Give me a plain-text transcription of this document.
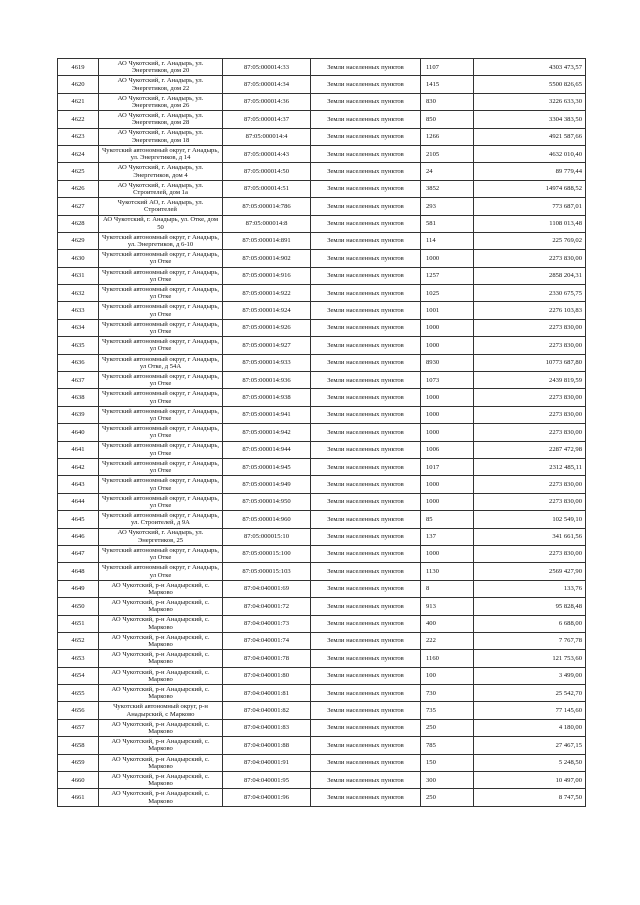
4619	АО Чукотский, г. Анадырь, ул. Энергетиков, дом 20	87:05:000014:33	Земли населенных пунктов	1107	4303 473,57
4620	АО Чукотский, г. Анадырь, ул. Энергетиков, дом 22	87:05:000014:34	Земли населенных пунктов	1415	5500 826,65
4621	АО Чукотский, г. Анадырь, ул. Энергетиков, дом 26	87:05:000014:36	Земли населенных пунктов	830	3226 633,30
4622	АО Чукотский, г. Анадырь, ул. Энергетиков, дом 28	87:05:000014:37	Земли населенных пунктов	850	3304 383,50
4623	АО Чукотский, г. Анадырь, ул. Энергетиков, дом 18	87:05:000014:4	Земли населенных пунктов	1266	4921 587,66
4624	Чукотский автономный округ, г Анадырь, ул. Энергетиков, д 14	87:05:000014:43	Земли населенных пунктов	2105	4632 010,40
4625	АО Чукотский, г. Анадырь, ул. Энергетиков, дом 4	87:05:000014:50	Земли населенных пунктов	24	89 779,44
4626	АО Чукотский, г. Анадырь, ул. Строителей, дом 1а	87:05:000014:51	Земли населенных пунктов	3852	14974 688,52
4627	Чукотский АО, г. Анадырь, ул. Строителей	87:05:000014:786	Земли населенных пунктов	293	773 687,01
4628	АО Чукотский, г. Анадырь, ул. Отке, дом 50	87:05:000014:8	Земли населенных пунктов	581	1108 013,48
4629	Чукотский автономный округ, г Анадырь, ул. Энергетиков, д 6-10	87:05:000014:891	Земли населенных пунктов	114	225 769,02
4630	Чукотский автономный округ, г Анадырь, ул Отке	87:05:000014:902	Земли населенных пунктов	1000	2273 830,00
4631	Чукотский автономный округ, г Анадырь, ул Отке	87:05:000014:916	Земли населенных пунктов	1257	2858 204,31
4632	Чукотский автономный округ, г Анадырь, ул Отке	87:05:000014:922	Земли населенных пунктов	1025	2330 675,75
4633	Чукотский автономный округ, г Анадырь, ул Отке	87:05:000014:924	Земли населенных пунктов	1001	2276 103,83
4634	Чукотский автономный округ, г Анадырь, ул Отке	87:05:000014:926	Земли населенных пунктов	1000	2273 830,00
4635	Чукотский автономный округ, г Анадырь, ул Отке	87:05:000014:927	Земли населенных пунктов	1000	2273 830,00
4636	Чукотский автономный округ, г Анадырь, ул Отке, д 54А	87:05:000014:933	Земли населенных пунктов	8930	10773 687,80
4637	Чукотский автономный округ, г Анадырь, ул Отке	87:05:000014:936	Земли населенных пунктов	1073	2439 819,59
4638	Чукотский автономный округ, г Анадырь, ул Отке	87:05:000014:938	Земли населенных пунктов	1000	2273 830,00
4639	Чукотский автономный округ, г Анадырь, ул Отке	87:05:000014:941	Земли населенных пунктов	1000	2273 830,00
4640	Чукотский автономный округ, г Анадырь, ул Отке	87:05:000014:942	Земли населенных пунктов	1000	2273 830,00
4641	Чукотский автономный округ, г Анадырь, ул Отке	87:05:000014:944	Земли населенных пунктов	1006	2287 472,98
4642	Чукотский автономный округ, г Анадырь, ул Отке	87:05:000014:945	Земли населенных пунктов	1017	2312 485,11
4643	Чукотский автономный округ, г Анадырь, ул Отке	87:05:000014:949	Земли населенных пунктов	1000	2273 830,00
4644	Чукотский автономный округ, г Анадырь, ул Отке	87:05:000014:950	Земли населенных пунктов	1000	2273 830,00
4645	Чукотский автономный округ, г Анадырь, ул. Строителей, д 9А	87:05:000014:960	Земли населенных пунктов	85	102 549,10
4646	АО Чукотский, г. Анадырь, ул. Энергетиков, 25	87:05:000015:10	Земли населенных пунктов	137	341 661,56
4647	Чукотский автономный округ, г Анадырь, ул Отке	87:05:000015:100	Земли населенных пунктов	1000	2273 830,00
4648	Чукотский автономный округ, г Анадырь, ул Отке	87:05:000015:103	Земли населенных пунктов	1130	2569 427,90
4649	АО Чукотский, р-н Анадырский, с. Марково	87:04:040001:69	Земли населенных пунктов	8	133,76
4650	АО Чукотский, р-н Анадырский, с. Марково	87:04:040001:72	Земли населенных пунктов	913	95 828,48
4651	АО Чукотский, р-н Анадырский, с. Марково	87:04:040001:73	Земли населенных пунктов	400	6 688,00
4652	АО Чукотский, р-н Анадырский, с. Марково	87:04:040001:74	Земли населенных пунктов	222	7 767,78
4653	АО Чукотский, р-н Анадырский, с. Марково	87:04:040001:78	Земли населенных пунктов	1160	121 753,60
4654	АО Чукотский, р-н Анадырский, с. Марково	87:04:040001:80	Земли населенных пунктов	100	3 499,00
4655	АО Чукотский, р-н Анадырский, с. Марково	87:04:040001:81	Земли населенных пунктов	730	25 542,70
4656	Чукотский автономный округ, р-н Анадырский, с Марково	87:04:040001:82	Земли населенных пунктов	735	77 145,60
4657	АО Чукотский, р-н Анадырский, с. Марково	87:04:040001:83	Земли населенных пунктов	250	4 180,00
4658	АО Чукотский, р-н Анадырский, с. Марково	87:04:040001:88	Земли населенных пунктов	785	27 467,15
4659	АО Чукотский, р-н Анадырский, с. Марково	87:04:040001:91	Земли населенных пунктов	150	5 248,50
4660	АО Чукотский, р-н Анадырский, с. Марково	87:04:040001:95	Земли населенных пунктов	300	10 497,00
4661	АО Чукотский, р-н Анадырский, с. Марково	87:04:040001:96	Земли населенных пунктов	250	8 747,50
